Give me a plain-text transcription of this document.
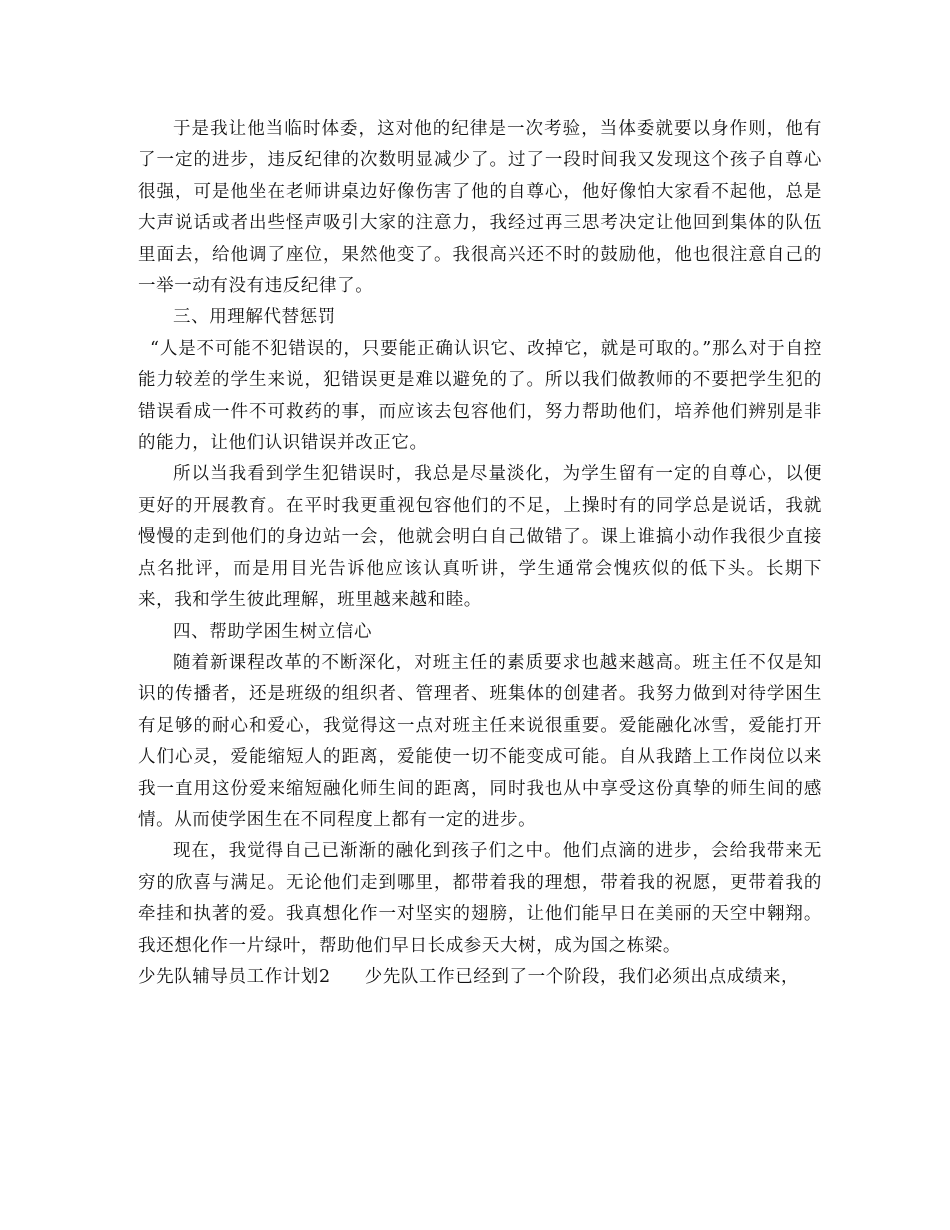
于是我让他当临时体委，这对他的纪律是一次考验，当体委就要以身作则，他有了一定的进步，违反纪律的次数明显减少了。过了一段时间我又发现这个孩子自尊心很强，可是他坐在老师讲桌边好像伤害了他的自尊心，他好像怕大家看不起他，总是大声说话或者出些怪声吸引大家的注意力，我经过再三思考决定让他回到集体的队伍里面去，给他调了座位，果然他变了。我很高兴还不时的鼓励他，他也很注意自己的一举一动有没有违反纪律了。

三、用理解代替惩罚

“人是不可能不犯错误的，只要能正确认识它、改掉它，就是可取的。”那么对于自控能力较差的学生来说，犯错误更是难以避免的了。所以我们做教师的不要把学生犯的错误看成一件不可救药的事，而应该去包容他们，努力帮助他们，培养他们辨别是非的能力，让他们认识错误并改正它。

所以当我看到学生犯错误时，我总是尽量淡化，为学生留有一定的自尊心，以便更好的开展教育。在平时我更重视包容他们的不足，上操时有的同学总是说话，我就慢慢的走到他们的身边站一会，他就会明白自己做错了。课上谁搞小动作我很少直接点名批评，而是用目光告诉他应该认真听讲，学生通常会愧疚似的低下头。长期下来，我和学生彼此理解，班里越来越和睦。

四、帮助学困生树立信心

随着新课程改革的不断深化，对班主任的素质要求也越来越高。班主任不仅是知识的传播者，还是班级的组织者、管理者、班集体的创建者。我努力做到对待学困生有足够的耐心和爱心，我觉得这一点对班主任来说很重要。爱能融化冰雪，爱能打开人们心灵，爱能缩短人的距离，爱能使一切不能变成可能。自从我踏上工作岗位以来我一直用这份爱来缩短融化师生间的距离，同时我也从中享受这份真挚的师生间的感情。从而使学困生在不同程度上都有一定的进步。

现在，我觉得自己已渐渐的融化到孩子们之中。他们点滴的进步，会给我带来无穷的欣喜与满足。无论他们走到哪里，都带着我的理想，带着我的祝愿，更带着我的牵挂和执著的爱。我真想化作一对坚实的翅膀，让他们能早日在美丽的天空中翱翔。我还想化作一片绿叶，帮助他们早日长成参天大树，成为国之栋梁。

少先队辅导员工作计划2 少先队工作已经到了一个阶段，我们必须出点成绩来，
